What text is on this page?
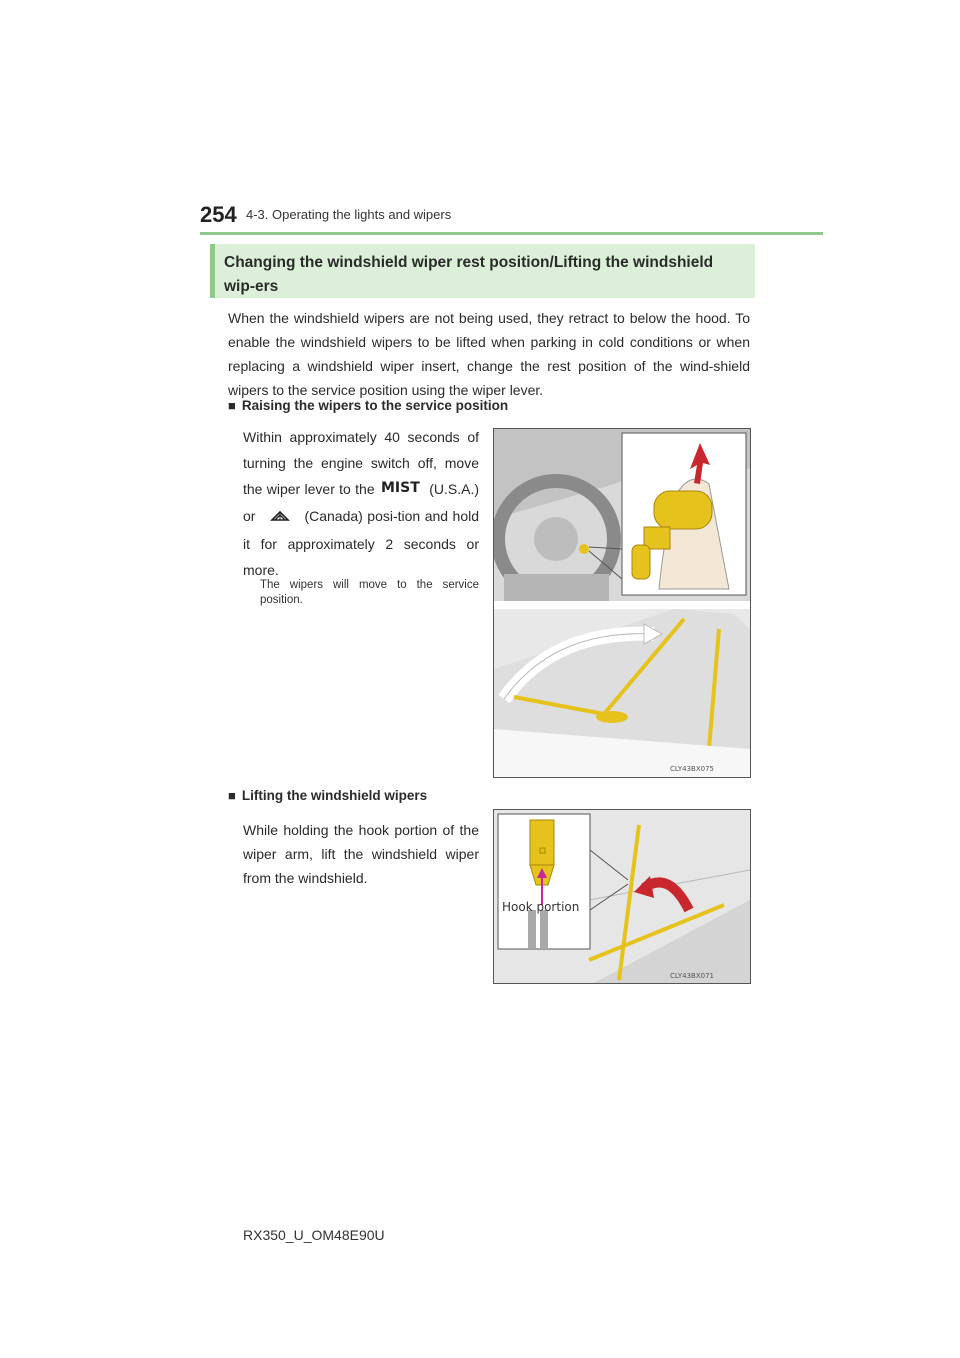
254 4-3. Operating the lights and wipers
Changing the windshield wiper rest position/Lifting the windshield wip-ers
When the windshield wipers are not being used, they retract to below the hood. To enable the windshield wipers to be lifted when parking in cold conditions or when replacing a windshield wiper insert, change the rest position of the wind-shield wipers to the service position using the wiper lever.
■ Raising the wipers to the service position
Within approximately 40 seconds of turning the engine switch off, move the wiper lever to the MIST (U.S.A.) or	(Canada) posi-tion and hold it for approximately 2 seconds or more.
The wipers will move to the service position.
CLY43BX075
■ Lifting the windshield wipers
While holding the hook portion of the wiper arm, lift the windshield wiper from the windshield.
Hook portion
CLY43BX071
RX350_U_OM48E90U
